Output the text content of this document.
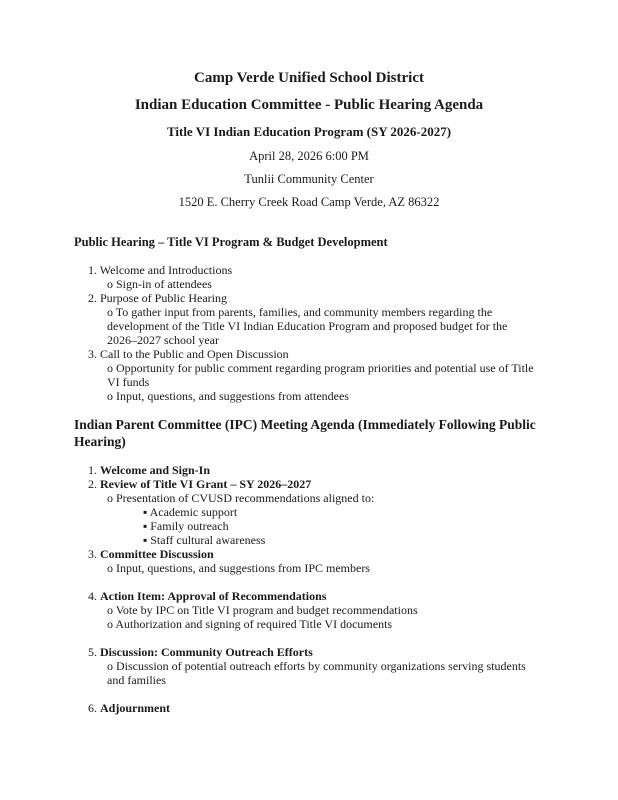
Camp Verde Unified School District
Indian Education Committee - Public Hearing Agenda
Title VI Indian Education Program (SY 2026-2027)
April 28, 2026 6:00 PM
Tunlii Community Center
1520 E. Cherry Creek Road Camp Verde, AZ 86322
Public Hearing – Title VI Program & Budget Development
1. Welcome and Introductions
o Sign-in of attendees
2. Purpose of Public Hearing
o To gather input from parents, families, and community members regarding the
development of the Title VI Indian Education Program and proposed budget for the
2026–2027 school year
3. Call to the Public and Open Discussion
o Opportunity for public comment regarding program priorities and potential use of Title
VI funds
o Input, questions, and suggestions from attendees
Indian Parent Committee (IPC) Meeting Agenda (Immediately Following Public
Hearing)
1. Welcome and Sign-In
2. Review of Title VI Grant – SY 2026–2027
o Presentation of CVUSD recommendations aligned to:
▪ Academic support
▪ Family outreach
▪ Staff cultural awareness
3. Committee Discussion
o Input, questions, and suggestions from IPC members
4. Action Item: Approval of Recommendations
o Vote by IPC on Title VI program and budget recommendations
o Authorization and signing of required Title VI documents
5. Discussion: Community Outreach Efforts
o Discussion of potential outreach efforts by community organizations serving students
and families
6. Adjournment
